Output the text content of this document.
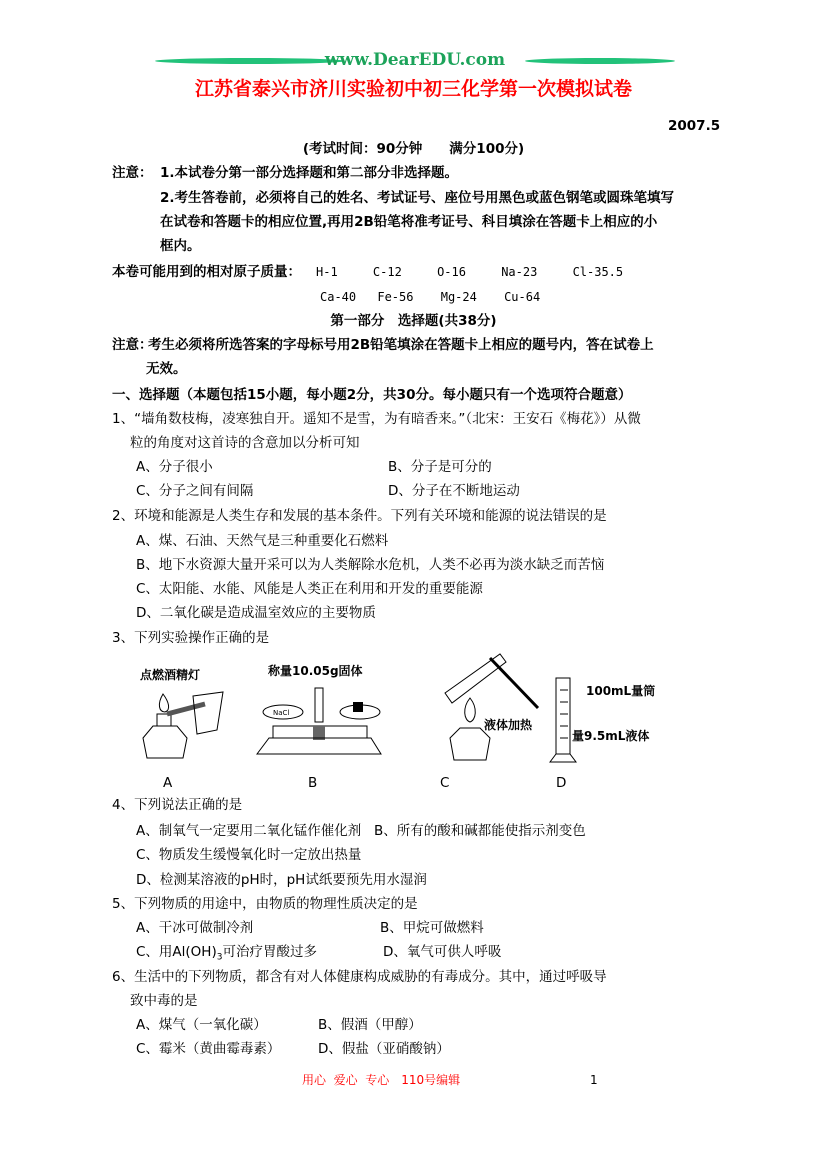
www.DearEDU.com
江苏省泰兴市济川实验初中初三化学第一次模拟试卷
2007.5
(考试时间：90分钟　　满分100分)
注意： 1.本试卷分第一部分选择题和第二部分非选择题。
2.考生答卷前，必须将自己的姓名、考试证号、座位号用黑色或蓝色钢笔或圆珠笔填写
在试卷和答题卡的相应位置,再用2B铅笔将准考证号、科目填涂在答题卡上相应的小
框内。
本卷可能用到的相对原子质量： H-1	C-12	O-16	Na-23	Cl-35.5
Ca-40 Fe-56 Mg-24 Cu-64
第一部分　选择题(共38分)
注意：
考生必须将所选答案的字母标号用2B铅笔填涂在答题卡上相应的题号内，答在试卷上
无效。
一、选择题（本题包括15小题，每小题2分，共30分。每小题只有一个选项符合题意）
1、“墙角数枝梅，凌寒独自开。遥知不是雪，为有暗香来。”（北宋：王安石《梅花》）从微
粒的角度对这首诗的含意加以分析可知
A、分子很小	B、分子是可分的
C、分子之间有间隔	D、分子在不断地运动
2、环境和能源是人类生存和发展的基本条件。下列有关环境和能源的说法错误的是
A、煤、石油、天然气是三种重要化石燃料
B、地下水资源大量开采可以为人类解除水危机，人类不必再为淡水缺乏而苦恼
C、太阳能、水能、风能是人类正在利用和开发的重要能源
D、二氧化碳是造成温室效应的主要物质
3、下列实验操作正确的是
点燃酒精灯	称量10.05g固体
NaCl
液体加热
100mL量筒
量9.5mL液体
A	B	C	D
4、下列说法正确的是
A、制氧气一定要用二氧化锰作催化剂 B、所有的酸和碱都能使指示剂变色
C、物质发生缓慢氧化时一定放出热量
D、检测某溶液的pH时，pH试纸要预先用水湿润
5、下列物质的用途中，由物质的物理性质决定的是
A、干冰可做制冷剂	B、甲烷可做燃料
C、用$Al(OH)_3$可治疗胃酸过多	D、氧气可供人呼吸
6、生活中的下列物质，都含有对人体健康构成威胁的有毒成分。其中，通过呼吸导
致中毒的是
A、煤气（一氧化碳）	B、假酒（甲醇）
C、霉米（黄曲霉毒素）	D、假盐（亚硝酸钠）
用心  爱心  专心　110号编辑	1
